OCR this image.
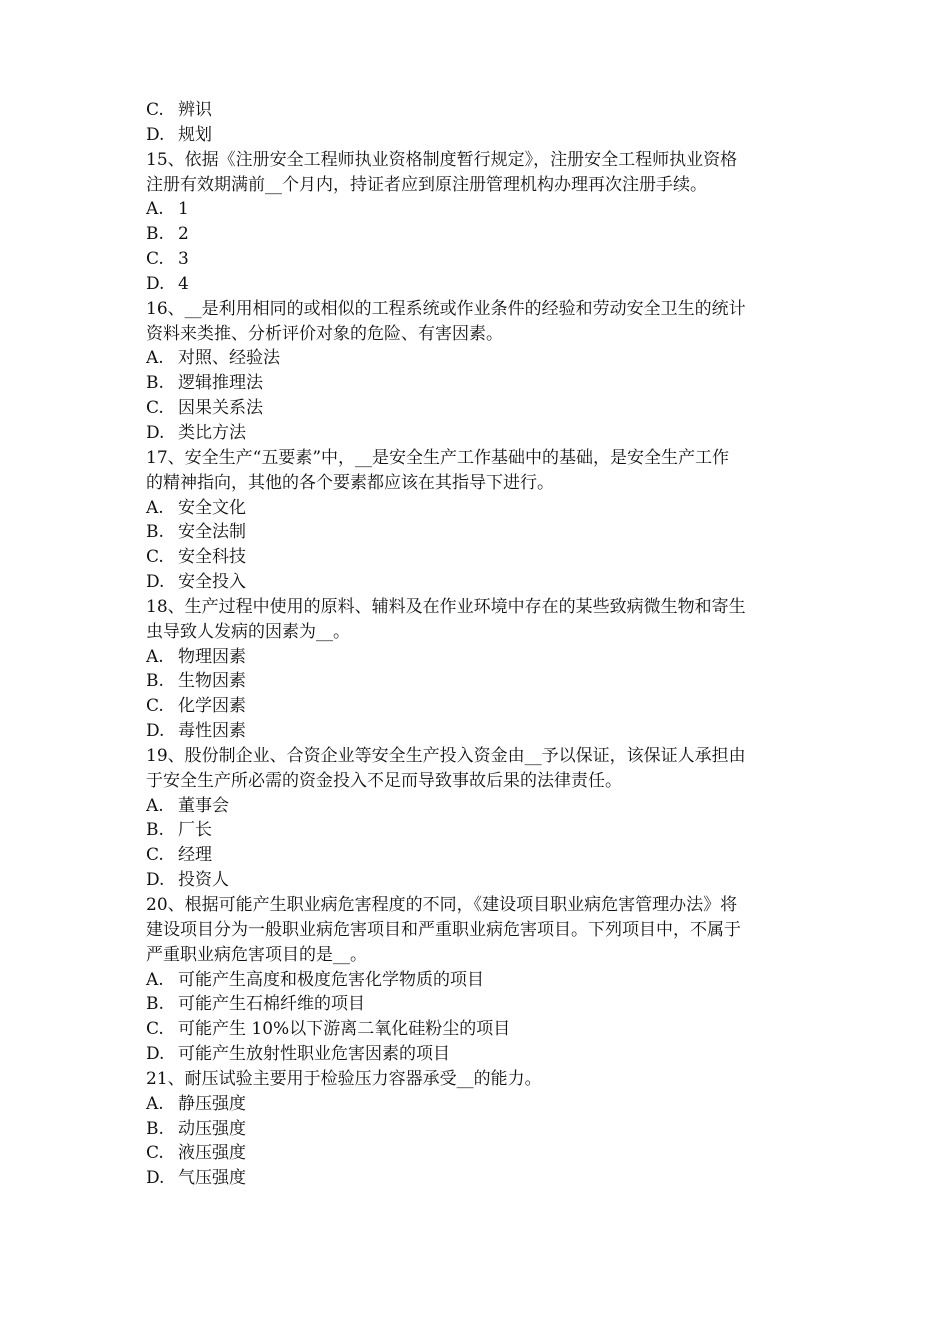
C. 辨识
D. 规划
15、依据《注册安全工程师执业资格制度暂行规定》，注册安全工程师执业资格
注册有效期满前__个月内，持证者应到原注册管理机构办理再次注册手续。
A. 1
B. 2
C. 3
D. 4
16、__是利用相同的或相似的工程系统或作业条件的经验和劳动安全卫生的统计
资料来类推、分析评价对象的危险、有害因素。
A. 对照、经验法
B. 逻辑推理法
C. 因果关系法
D. 类比方法
17、安全生产“五要素”中，__是安全生产工作基础中的基础，是安全生产工作
的精神指向，其他的各个要素都应该在其指导下进行。
A. 安全文化
B. 安全法制
C. 安全科技
D. 安全投入
18、生产过程中使用的原料、辅料及在作业环境中存在的某些致病微生物和寄生
虫导致人发病的因素为__。
A. 物理因素
B. 生物因素
C. 化学因素
D. 毒性因素
19、股份制企业、合资企业等安全生产投入资金由__予以保证，该保证人承担由
于安全生产所必需的资金投入不足而导致事故后果的法律责任。
A. 董事会
B. 厂长
C. 经理
D. 投资人
20、根据可能产生职业病危害程度的不同，《建设项目职业病危害管理办法》将
建设项目分为一般职业病危害项目和严重职业病危害项目。下列项目中，不属于
严重职业病危害项目的是__。
A. 可能产生高度和极度危害化学物质的项目
B. 可能产生石棉纤维的项目
C. 可能产生 10%以下游离二氧化硅粉尘的项目
D. 可能产生放射性职业危害因素的项目
21、耐压试验主要用于检验压力容器承受__的能力。
A. 静压强度
B. 动压强度
C. 液压强度
D. 气压强度
